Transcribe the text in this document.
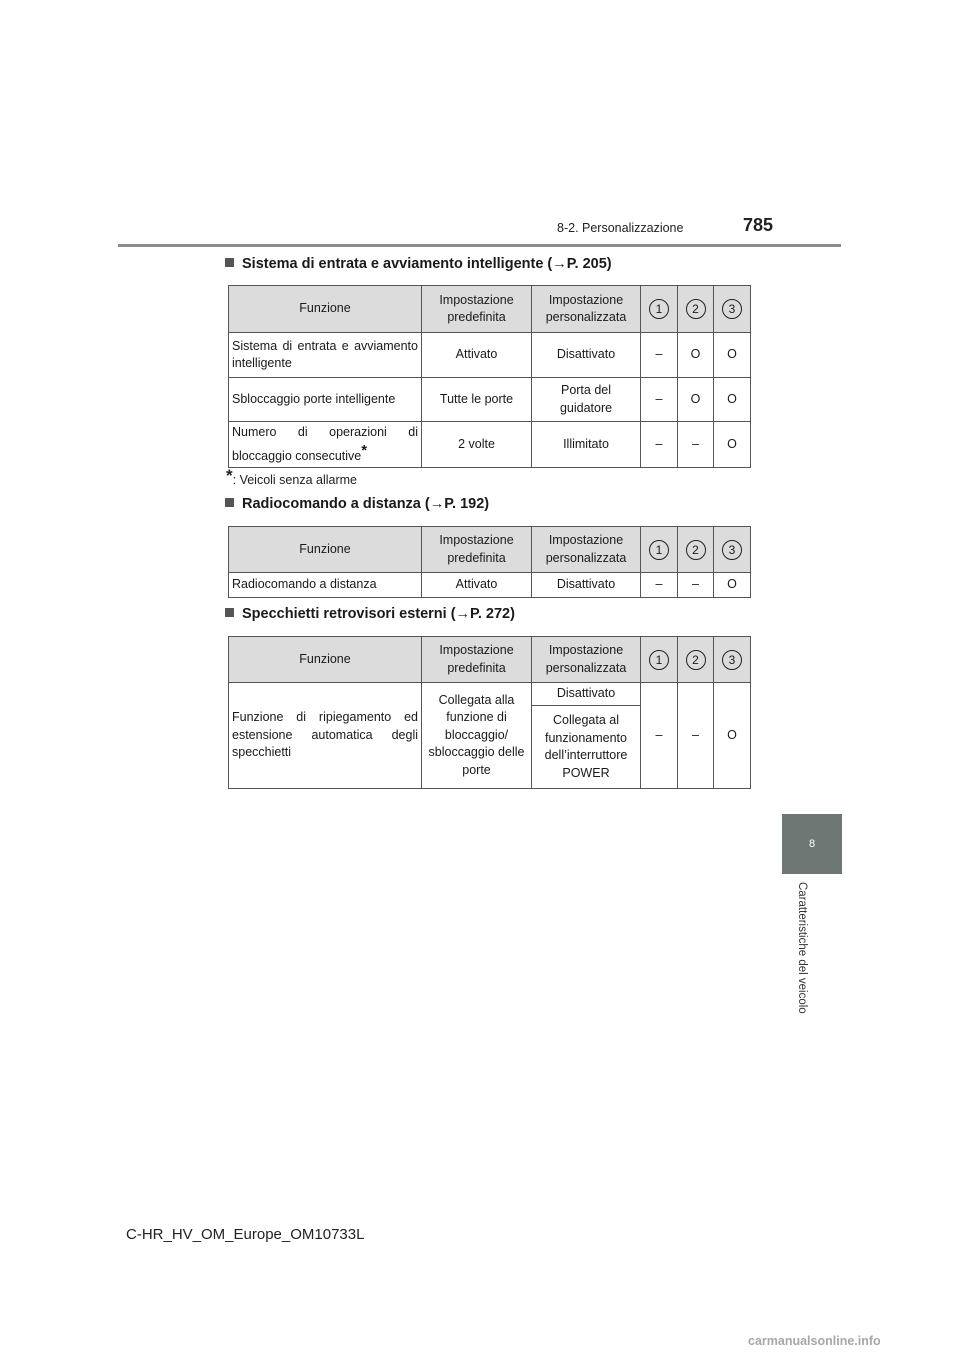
8-2. Personalizzazione	785
8
Caratteristiche del veicolo
Sistema di entrata e avviamento intelligente (→P. 205)
Funzione	Impostazione predefinita	Impostazione personalizzata	1	2	3
Sistema di entrata e avviamento intelligente	Attivato	Disattivato	–	O	O
Sbloccaggio porte intelligente	Tutte le porte	Porta del guidatore	–	O	O
Numero di operazioni di bloccaggio consecutive*	2 volte	Illimitato	–	–	O
*: Veicoli senza allarme
Radiocomando a distanza (→P. 192)
Funzione	Impostazione predefinita	Impostazione personalizzata	1	2	3
Radiocomando a distanza	Attivato	Disattivato	–	–	O
Specchietti retrovisori esterni (→P. 272)
Funzione	Impostazione predefinita	Impostazione personalizzata	1	2	3
Funzione di ripiegamento ed estensione automatica degli specchietti	Collegata alla funzione di bloccaggio/ sbloccaggio delle porte	Disattivato	–	–	O
		Collegata al funzionamento dell’interruttore POWER			
C-HR_HV_OM_Europe_OM10733L
carmanualsonline.info
